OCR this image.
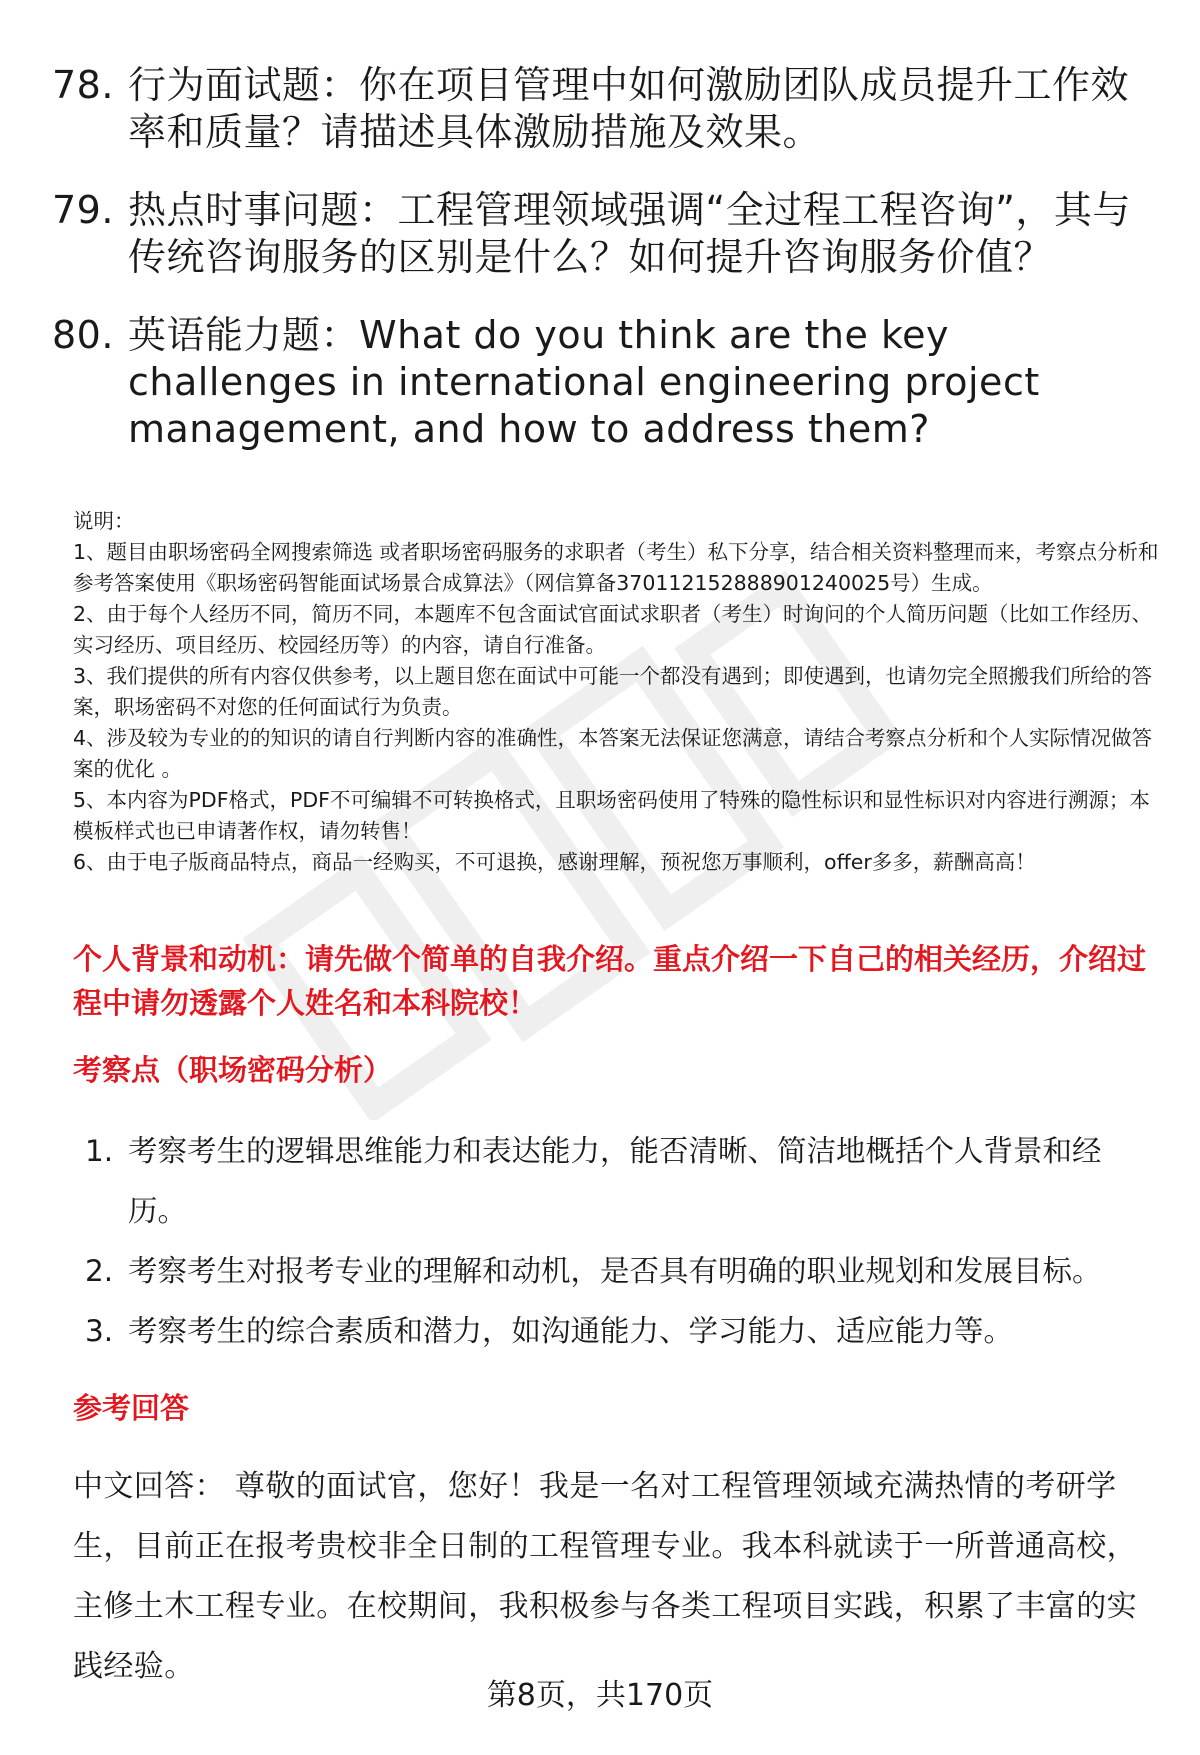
78. 行为面试题：你在项目管理中如何激励团队成员提升工作效率和质量？请描述具体激励措施及效果。
79. 热点时事问题：工程管理领域强调“全过程工程咨询”，其与传统咨询服务的区别是什么？如何提升咨询服务价值？
80. 英语能力题：What do you think are the key challenges in international engineering project management, and how to address them?

说明：

1、题目由职场密码全网搜索筛选 或者职场密码服务的求职者（考生）私下分享，结合相关资料整理而来，考察点分析和参考答案使用《职场密码智能面试场景合成算法》（网信算备370112152888901240025号）生成。

2、由于每个人经历不同，简历不同，本题库不包含面试官面试求职者（考生）时询问的个人简历问题（比如工作经历、实习经历、项目经历、校园经历等）的内容，请自行准备。

3、我们提供的所有内容仅供参考，以上题目您在面试中可能一个都没有遇到；即使遇到，也请勿完全照搬我们所给的答案，职场密码不对您的任何面试行为负责。

4、涉及较为专业的的知识的请自行判断内容的准确性，本答案无法保证您满意，请结合考察点分析和个人实际情况做答案的优化 。

5、本内容为PDF格式，PDF不可编辑不可转换格式，且职场密码使用了特殊的隐性标识和显性标识对内容进行溯源；本模板样式也已申请著作权，请勿转售！

6、由于电子版商品特点，商品一经购买，不可退换，感谢理解，预祝您万事顺利，offer多多，薪酬高高！

个人背景和动机：请先做个简单的自我介绍。重点介绍一下自己的相关经历，介绍过程中请勿透露个人姓名和本科院校！
考察点（职场密码分析）
1. 考察考生的逻辑思维能力和表达能力，能否清晰、简洁地概括个人背景和经历。
2. 考察考生对报考专业的理解和动机，是否具有明确的职业规划和发展目标。
3. 考察考生的综合素质和潜力，如沟通能力、学习能力、适应能力等。
参考回答

中文回答： 尊敬的面试官，您好！我是一名对工程管理领域充满热情的考研学生，目前正在报考贵校非全日制的工程管理专业。我本科就读于一所普通高校，主修土木工程专业。在校期间，我积极参与各类工程项目实践，积累了丰富的实践经验。

第8页，共170页
